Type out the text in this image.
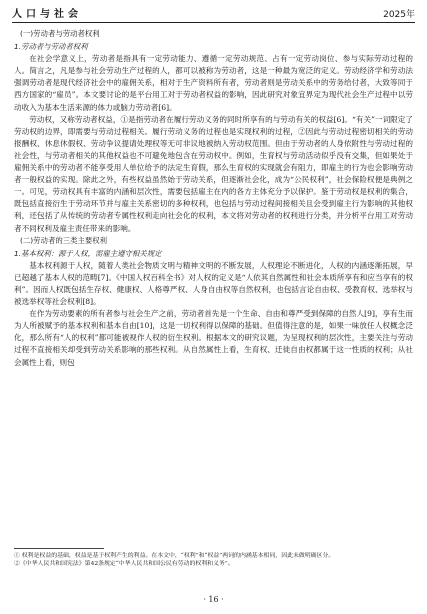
人口与社会	2025年

(一)劳动者与劳动者权利

1.劳动者与劳动者权利

在社会学意义上，劳动者是指具有一定劳动能力、遵循一定劳动规范、占有一定劳动岗位、参与实际劳动过程的人。简言之，凡是参与社会劳动生产过程的人，都可以被称为劳动者，这是一种最为宽泛的定义。劳动经济学和劳动法强调劳动者是现代经济社会中的雇佣关系，相对于生产资料所有者，劳动者则是劳动关系中的劳务给付者，大致等同于西方国家的“雇员”。本文要讨论的是平台用工对于劳动者权益的影响，因此研究对象宜界定为现代社会生产过程中以劳动收入为基本生活来源的体力或脑力劳动者[6]。

劳动权，又称劳动者权益，①是指劳动者在履行劳动义务的同时所享有的与劳动有关的权益[6]。“有关”一词限定了劳动权的边界，即需要与劳动过程相关。履行劳动义务的过程也是实现权利的过程，②因此与劳动过程密切相关的劳动报酬权、休息休假权、劳动争议提请处理权等无可非议地被纳入劳动权范围。但由于劳动者的人身依附性与劳动过程的社会性，与劳动者相关的其他权益也不可避免地包含在劳动权中。例如，生育权与劳动活动似乎没有交集，但如果处于雇佣关系中的劳动者不能享受用人单位给予的法定生育假，那么生育权的实现就会有阻力，即雇主的行为也会影响劳动者一般权益的实现。除此之外，有些权益虽然始于劳动关系，但逐渐社会化，成为“公民权利”，社会保险权便是典例之一。可见，劳动权具有丰富的内涵和层次性，需要包括雇主在内的各方主体充分予以保护。鉴于劳动权是权利的集合，既包括直接衍生于劳动环节并与雇主关系密切的多种权利，也包括与劳动过程间接相关且会受到雇主行为影响的其他权利，还包括了从传统的劳动者专属性权利走向社会化的权利，本文将对劳动者的权利进行分类，并分析平台用工对劳动者不同权利及雇主责任带来的影响。

(二)劳动者的三类主要权利

1.基本权利：源于人权，需雇主遵守相关规定

基本权利源于人权，随着人类社会物质文明与精神文明的不断发展，人权理论不断进化，人权的内涵逐渐拓展，早已超越了基本人权的范畴[7]。《中国人权百科全书》对人权的定义是“人依其自然属性和社会本质所享有和应当享有的权利”。因而人权既包括生存权、健康权、人格尊严权、人身自由权等自然权利，也包括言论自由权、受教育权、选举权与被选举权等社会权利[8]。

在作为劳动要素的所有者参与社会生产之前，劳动者首先是一个生命、自由和尊严受到保障的自然人[9]，享有生而为人所被赋予的基本权利和基本自由[10]，这是一切权利得以保障的基础。但值得注意的是，如果一味放任人权概念泛化，那么所有“人的权利”都可能被视作人权的衍生权利。根据本文的研究议题，为呈现权利的层次性，主要关注与劳动过程不直接相关却受到劳动关系影响的那些权利。从自然属性上看，生育权、迁徙自由权都属于这一性质的权利；从社会属性上看，则包

① 权利是权益的基础，权益是基于权利产生的利益。在本文中，“权利”和“权益”两词的内涵基本相同，因此未做明确区分。

②《中华人民共和国宪法》第42条规定“中华人民共和国公民有劳动的权利和义务”。

· 16 ·
